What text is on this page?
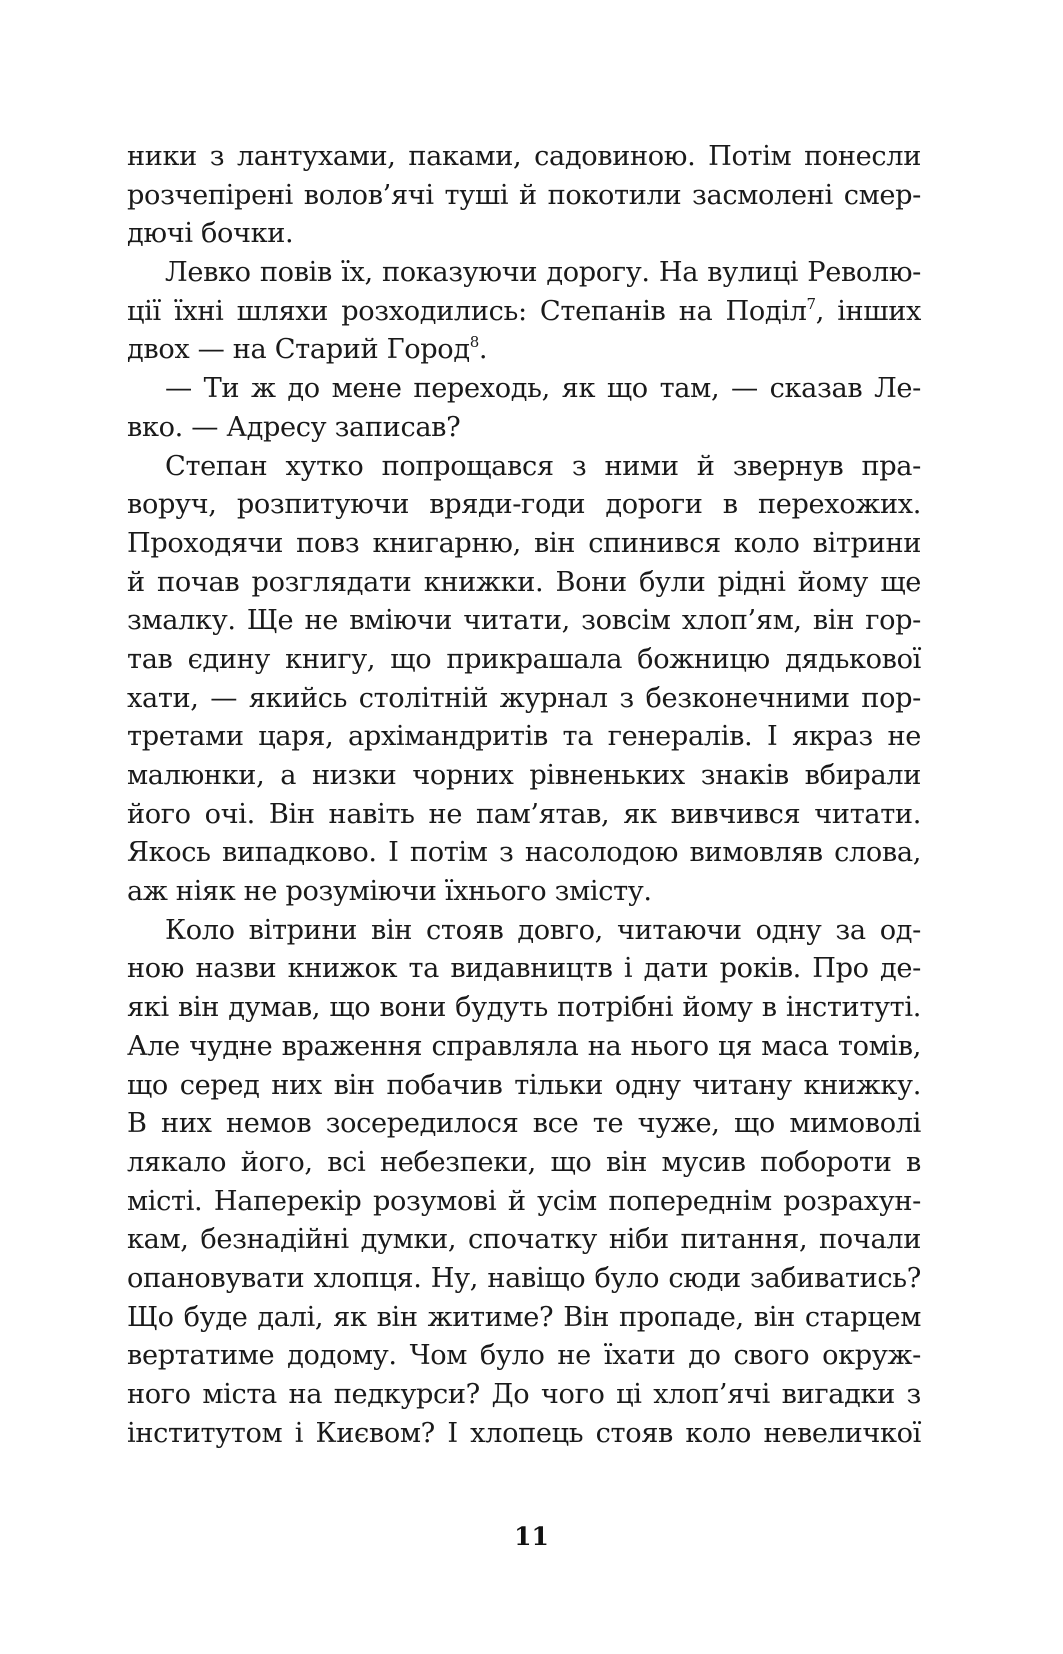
ники з лантухами, паками, садовиною. Потім понесли
розчепірені волов’ячі туші й покотили засмолені смер-
дючі бочки.
Левко повів їх, показуючи дорогу. На вулиці Револю-
ції їхні шляхи розходились: Степанів на Поділ$^7$, інших
двох — на Старий Город$^8$.
— Ти ж до мене переходь, як що там, — сказав Ле-
вко. — Адресу записав?
Степан хутко попрощався з ними й звернув пра-
воруч, розпитуючи вряди-годи дороги в перехожих.
Проходячи повз книгарню, він спинився коло вітрини
й почав розглядати книжки. Вони були рідні йому ще
змалку. Ще не вміючи читати, зовсім хлоп’ям, він гор-
тав єдину книгу, що прикрашала божницю дядькової
хати, — якийсь столітній журнал з безконечними пор-
третами царя, архімандритів та генералів. І якраз не
малюнки, а низки чорних рівненьких знаків вбирали
його очі. Він навіть не пам’ятав, як вивчився читати.
Якось випадково. І потім з насолодою вимовляв слова,
аж ніяк не розуміючи їхнього змісту.
Коло вітрини він стояв довго, читаючи одну за од-
ною назви книжок та видавництв і дати років. Про де-
які він думав, що вони будуть потрібні йому в інституті.
Але чудне враження справляла на нього ця маса томів,
що серед них він побачив тільки одну читану книжку.
В них немов зосередилося все те чуже, що мимоволі
лякало його, всі небезпеки, що він мусив побороти в
місті. Наперекір розумові й усім попереднім розрахун-
кам, безнадійні думки, спочатку ніби питання, почали
опановувати хлопця. Ну, навіщо було сюди забиватись?
Що буде далі, як він житиме? Він пропаде, він старцем
вертатиме додому. Чом було не їхати до свого окруж-
ного міста на педкурси? До чого ці хлоп’ячі вигадки з
інститутом і Києвом? І хлопець стояв коло невеличкої
11
